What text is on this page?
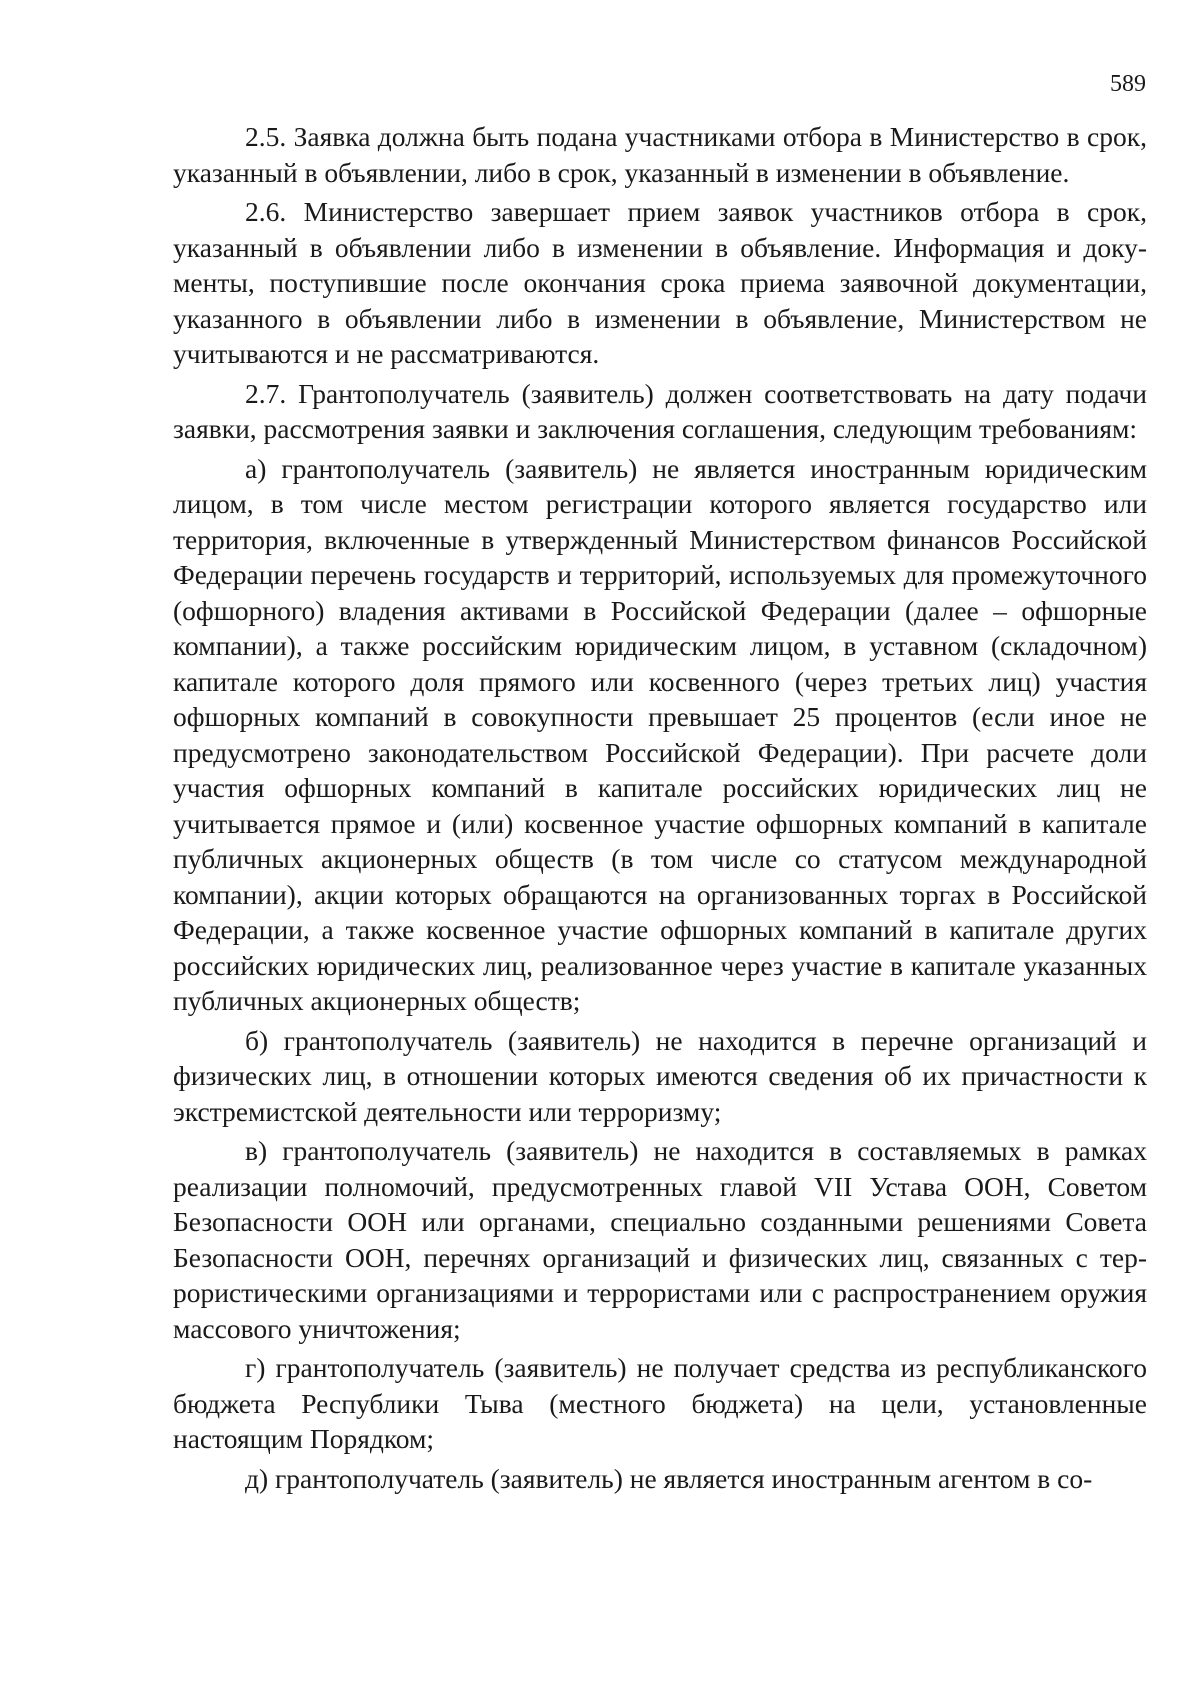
589

2.5. Заявка должна быть подана участниками отбора в Министерство в срок, указанный в объявлении, либо в срок, указанный в изменении в объявление.

2.6. Министерство завершает прием заявок участников отбора в срок, указанный в объявлении либо в изменении в объявление. Информация и документы, поступившие после окончания срока приема заявочной документации, указанного в объявлении либо в изменении в объявление, Министерством не учитываются и не рассматриваются.

2.7. Грантополучатель (заявитель) должен соответствовать на дату подачи заявки, рассмотрения заявки и заключения соглашения, следующим требованиям:

а) грантополучатель (заявитель) не является иностранным юридическим лицом, в том числе местом регистрации которого является государство или территория, включенные в утвержденный Министерством финансов Российской Федерации перечень государств и территорий, используемых для промежуточного (офшорного) владения активами в Российской Федерации (далее – офшорные компании), а также российским юридическим лицом, в уставном (складочном) капитале которого доля прямого или косвенного (через третьих лиц) участия офшорных компаний в совокупности превышает 25 процентов (если иное не предусмотрено законодательством Российской Федерации). При расчете доли участия офшорных компаний в капитале российских юридических лиц не учитывается прямое и (или) косвенное участие офшорных компаний в капитале публичных акционерных обществ (в том числе со статусом международной компании), акции которых обращаются на организованных торгах в Российской Федерации, а также косвенное участие офшорных компаний в капитале других российских юридических лиц, реализованное через участие в капитале указанных публичных акционерных обществ;

б) грантополучатель (заявитель) не находится в перечне организаций и физических лиц, в отношении которых имеются сведения об их причастности к экстремистской деятельности или терроризму;

в) грантополучатель (заявитель) не находится в составляемых в рамках реализации полномочий, предусмотренных главой VII Устава ООН, Советом Безопасности ООН или органами, специально созданными решениями Совета Безопасности ООН, перечнях организаций и физических лиц, связанных с террористическими организациями и террористами или с распространением оружия массового уничтожения;

г) грантополучатель (заявитель) не получает средства из республиканского бюджета Республики Тыва (местного бюджета) на цели, установленные настоящим Порядком;

д) грантополучатель (заявитель) не является иностранным агентом в со-
